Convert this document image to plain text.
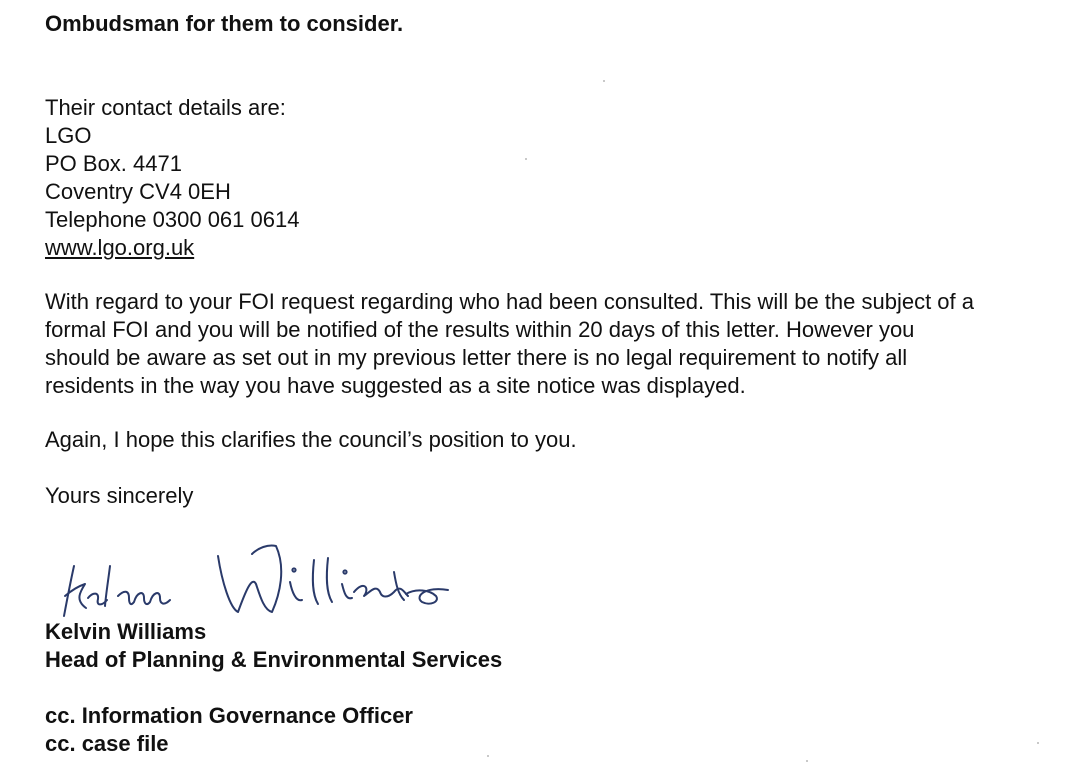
Ombudsman for them to consider.
Their contact details are:
LGO
PO Box. 4471
Coventry CV4 0EH
Telephone 0300 061 0614
www.lgo.org.uk
With regard to your FOI request regarding who had been consulted. This will be the subject of a
formal FOI and you will be notified of the results within 20 days of this letter. However you
should be aware as set out in my previous letter there is no legal requirement to notify all
residents in the way you have suggested as a site notice was displayed.
Again, I hope this clarifies the council’s position to you.
Yours sincerely
Kelvin Williams
Head of Planning & Environmental Services
cc. Information Governance Officer
cc. case file
